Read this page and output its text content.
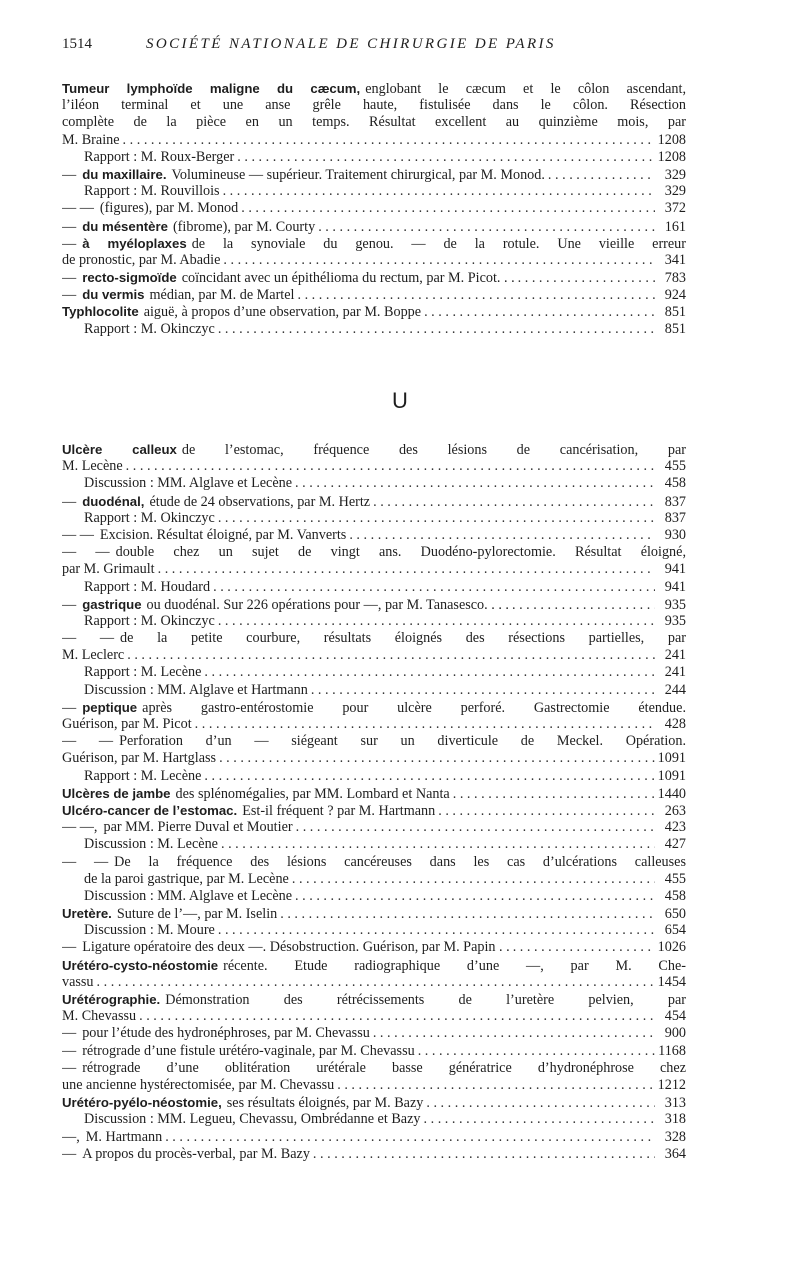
1514	SOCIÉTÉ NATIONALE DE CHIRURGIE DE PARIS
Tumeur lymphoïde maligne du cæcum, englobant le cæcum et le côlon ascendant,
l’iléon terminal et une anse grêle haute, fistulisée dans le côlon. Résection
complète de la pièce en un temps. Résultat excellent au quinzième mois, par
M. Braine . . .	1208
Rapport : M. Roux-Berger . . .	1208
— du maxillaire. Volumineuse — supérieur. Traitement chirurgical, par M. Monod. . . .	329
Rapport : M. Rouvillois . . .	329
— — (figures), par M. Monod . . .	372
— du mésentère (fibrome), par M. Courty . . .	161
— à myéloplaxes de la synoviale du genou. — de la rotule. Une vieille erreur
de pronostic, par M. Abadie . . .	341
— recto-sigmoïde coïncidant avec un épithélioma du rectum, par M. Picot. . . . . .	783
— du vermis médian, par M. de Martel . . .	924
Typhlocolite aiguë, à propos d’une observation, par M. Boppe . . .	851
Rapport : M. Okinczyc . . .	851
U
Ulcère calleux de l’estomac, fréquence des lésions de cancérisation, par
M. Lecène . . .	455
Discussion : MM. Alglave et Lecène . . .	458
— duodénal, étude de 24 observations, par M. Hertz . . .	837
Rapport : M. Okinczyc . . .	837
— — Excision. Résultat éloigné, par M. Vanverts . . .	930
— — double chez un sujet de vingt ans. Duodéno-pylorectomie. Résultat éloigné,
par M. Grimault . . .	941
Rapport : M. Houdard . . .	941
— gastrique ou duodénal. Sur 226 opérations pour —, par M. Tanasesco. . . . . . .	935
Rapport : M. Okinczyc . . .	935
— — de la petite courbure, résultats éloignés des résections partielles, par
M. Leclerc . . .	241
Rapport : M. Lecène . . .	241
Discussion : MM. Alglave et Hartmann . . .	244
— peptique après gastro-entérostomie pour ulcère perforé. Gastrectomie étendue.
Guérison, par M. Picot . . .	428
— — Perforation d’un — siégeant sur un diverticule de Meckel. Opération.
Guérison, par M. Hartglass . . .	1091
Rapport : M. Lecène . . .	1091
Ulcères de jambe des splénomégalies, par MM. Lombard et Nanta . . .	1440
Ulcéro-cancer de l’estomac. Est-il fréquent ? par M. Hartmann . . .	263
— —, par MM. Pierre Duval et Moutier . . .	423
Discussion : M. Lecène . . .	427
— — De la fréquence des lésions cancéreuses dans les cas d’ulcérations calleuses
de la paroi gastrique, par M. Lecène . . .	455
Discussion : MM. Alglave et Lecène . . .	458
Uretère. Suture de l’—, par M. Iselin . . .	650
Discussion : M. Moure . . .	654
— Ligature opératoire des deux —. Désobstruction. Guérison, par M. Papin . . . . .	1026
Urétéro-cysto-néostomie récente. Etude radiographique d’une —, par M. Che-
vassu . . .	1454
Urétérographie. Démonstration des rétrécissements de l’uretère pelvien, par
M. Chevassu . . .	454
— pour l’étude des hydronéphroses, par M. Chevassu . . .	900
— rétrograde d’une fistule urétéro-vaginale, par M. Chevassu . . .	1168
— rétrograde d’une oblitération urétérale basse génératrice d’hydronéphrose chez
une ancienne hystérectomisée, par M. Chevassu . . .	1212
Urétéro-pyélo-néostomie, ses résultats éloignés, par M. Bazy . . .	313
Discussion : MM. Legueu, Chevassu, Ombrédanne et Bazy . . .	318
—, M. Hartmann . . .	328
— A propos du procès-verbal, par M. Bazy . . .	364
